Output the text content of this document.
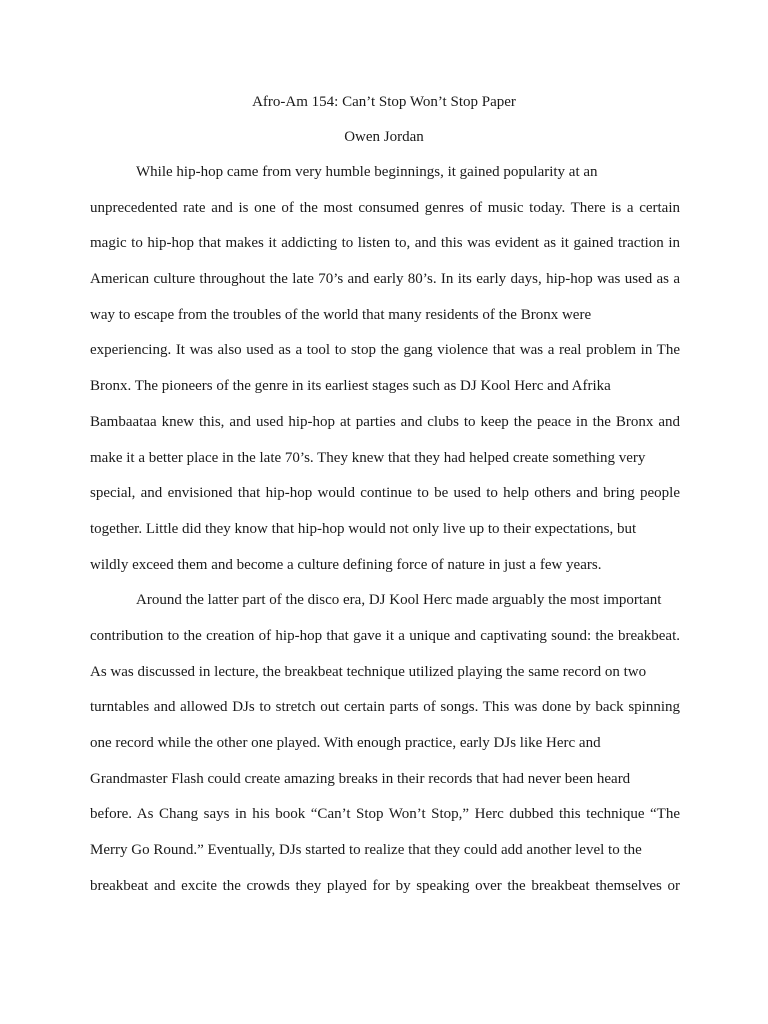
Afro-Am 154: Can’t Stop Won’t Stop Paper
Owen Jordan
While hip-hop came from very humble beginnings, it gained popularity at an
unprecedented rate and is one of the most consumed genres of music today. There is a certain
magic to hip-hop that makes it addicting to listen to, and this was evident as it gained traction in
American culture throughout the late 70’s and early 80’s. In its early days, hip-hop was used as a
way to escape from the troubles of the world that many residents of the Bronx were
experiencing. It was also used as a tool to stop the gang violence that was a real problem in The
Bronx. The pioneers of the genre in its earliest stages such as DJ Kool Herc and Afrika
Bambaataa knew this, and used hip-hop at parties and clubs to keep the peace in the Bronx and
make it a better place in the late 70’s. They knew that they had helped create something very
special, and envisioned that hip-hop would continue to be used to help others and bring people
together. Little did they know that hip-hop would not only live up to their expectations, but
wildly exceed them and become a culture defining force of nature in just a few years.
Around the latter part of the disco era, DJ Kool Herc made arguably the most important
contribution to the creation of hip-hop that gave it a unique and captivating sound: the breakbeat.
As was discussed in lecture, the breakbeat technique utilized playing the same record on two
turntables and allowed DJs to stretch out certain parts of songs. This was done by back spinning
one record while the other one played. With enough practice, early DJs like Herc and
Grandmaster Flash could create amazing breaks in their records that had never been heard
before. As Chang says in his book “Can’t Stop Won’t Stop,” Herc dubbed this technique “The
Merry Go Round.” Eventually, DJs started to realize that they could add another level to the
breakbeat and excite the crowds they played for by speaking over the breakbeat themselves or
